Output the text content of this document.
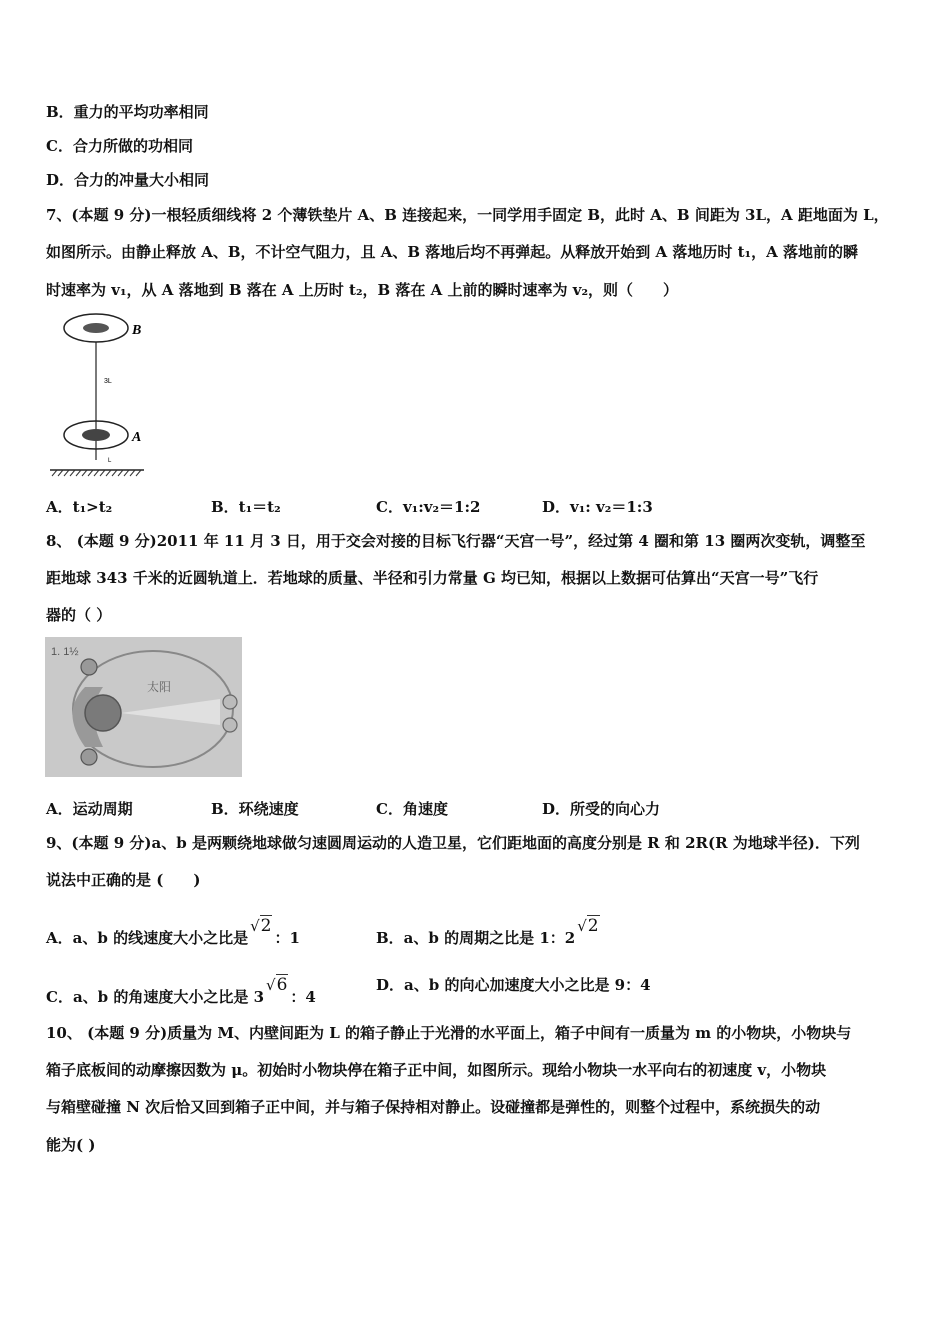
B．重力的平均功率相同
C．合力所做的功相同
D．合力的冲量大小相同
7、(本题 9 分)一根轻质细线将 2 个薄铁垫片 A、B 连接起来，一同学用手固定 B，此时 A、B 间距为 3L，A 距地面为 L，
如图所示。由静止释放 A、B，不计空气阻力，且 A、B 落地后均不再弹起。从释放开始到 A 落地历时 t₁，A 落地前的瞬
时速率为 v₁，从 A 落地到 B 落在 A 上历时 t₂，B 落在 A 上前的瞬时速率为 v₂，则（　　）
B
A
3L
L
A．t₁>t₂	B．t₁＝t₂	C．v₁:v₂＝1:2	D．v₁: v₂＝1:3
8、 (本题 9 分)2011 年 11 月 3 日，用于交会对接的目标飞行器“天宫一号”，经过第 4 圈和第 13 圈两次变轨，调整至
距地球 343 千米的近圆轨道上．若地球的质量、半径和引力常量 G 均已知，根据以上数据可估算出“天宫一号”飞行
器的（ ）
1. 1½
太阳
A．运动周期	B．环绕速度	C．角速度	D．所受的向心力
9、(本题 9 分)a、b 是两颗绕地球做匀速圆周运动的人造卫星，它们距地面的高度分别是 R 和 2R(R 为地球半径)．下列
说法中正确的是 (　　)
A．a、b 的线速度大小之比是√2：1	B．a、b 的周期之比是 1：2√2
C．a、b 的角速度大小之比是 3√6：4
D．a、b 的向心加速度大小之比是 9：4
10、 (本题 9 分)质量为 M、内壁间距为 L 的箱子静止于光滑的水平面上，箱子中间有一质量为 m 的小物块，小物块与
箱子底板间的动摩擦因数为 μ。初始时小物块停在箱子正中间，如图所示。现给小物块一水平向右的初速度 v，小物块
与箱壁碰撞 N 次后恰又回到箱子正中间，并与箱子保持相对静止。设碰撞都是弹性的，则整个过程中，系统损失的动
能为( )
